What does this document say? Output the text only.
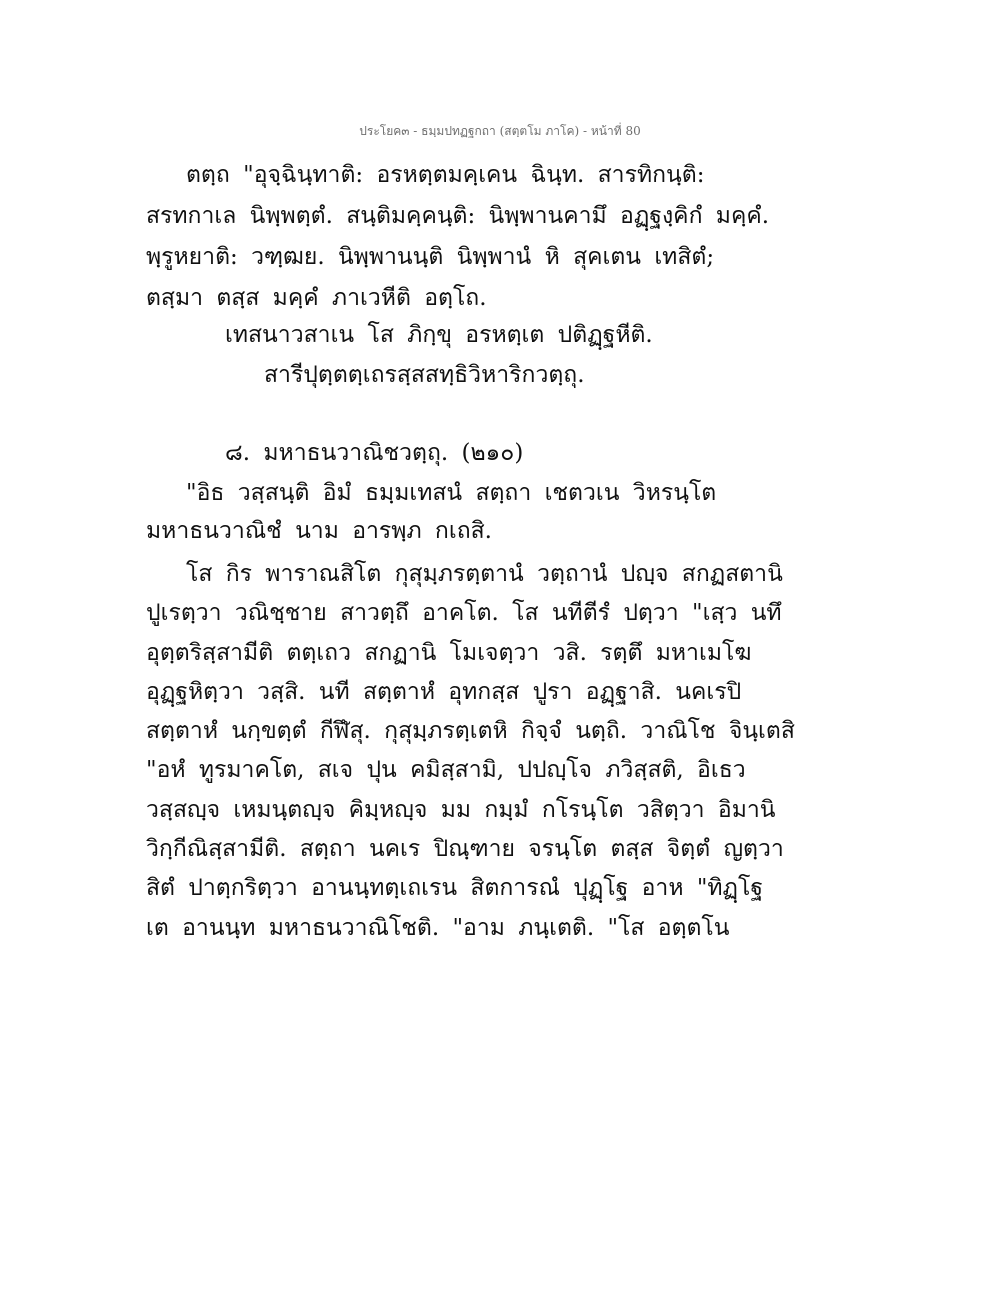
ประโยค๓ - ธมฺมปทฏฐกถา (สตฺตโม ภาโค) - หน้าที่ 80
ตตฺถ "อุจฺฉินฺทาติ: อรหตฺตมคฺเคน ฉินฺท. สารทิกนฺติ:
สรทกาเล นิพฺพตฺตํ. สนฺติมคฺคนฺติ: นิพฺพานคามึ อฏฺฐงฺคิกํ มคฺคํ.
พฺรูหยาติ: วฑฺฒย. นิพฺพานนฺติ นิพฺพานํ หิ สุคเตน เทสิตํ;
ตสฺมา ตสฺส มคฺคํ ภาเวหีติ อตฺโถ.
เทสนาวสาเน โส ภิกฺขุ อรหตฺเต ปติฏฺฐหีติ.
สารีปุตฺตตฺเถรสฺสสทฺธิวิหาริกวตฺถุ.
๘. มหาธนวาณิชวตฺถุ. (๒๑๐)
"อิธ วสฺสนฺติ อิมํ ธมฺมเทสนํ สตฺถา เชตวเน วิหรนฺโต
มหาธนวาณิชํ นาม อารพฺภ กเถสิ.
โส กิร พาราณสิโต กุสุมฺภรตฺตานํ วตฺถานํ ปญฺจ สกฏสตานิ
ปูเรตฺวา วณิชฺชาย สาวตฺถึ อาคโต. โส นทีตีรํ ปตฺวา "เสฺว นทึ
อุตฺตริสฺสามีติ ตตฺเถว สกฏานิ โมเจตฺวา วสิ. รตฺตึ มหาเมโฆ
อุฏฺฐหิตฺวา วสฺสิ. นที สตฺตาหํ อุทกสฺส ปูรา อฏฺฐาสิ. นคเรปิ
สตฺตาหํ นกฺขตฺตํ กีฬึสุ. กุสุมฺภรตฺเตหิ กิจฺจํ นตฺถิ. วาณิโช จินฺเตสิ
"อหํ ทูรมาคโต, สเจ ปุน คมิสฺสามิ, ปปญฺโจ ภวิสฺสติ, อิเธว
วสฺสญฺจ เหมนฺตญฺจ คิมฺหญฺจ มม กมฺมํ กโรนฺโต วสิตฺวา อิมานิ
วิกฺกีณิสฺสามีติ. สตฺถา นคเร ปิณฺฑาย จรนฺโต ตสฺส จิตฺตํ ญตฺวา
สิตํ ปาตฺกริตฺวา อานนฺทตฺเถเรน สิตการณํ ปุฏฺโฐ อาห "ทิฏฺโฐ
เต อานนฺท มหาธนวาณิโชติ. "อาม ภนฺเตติ. "โส อตฺตโน
